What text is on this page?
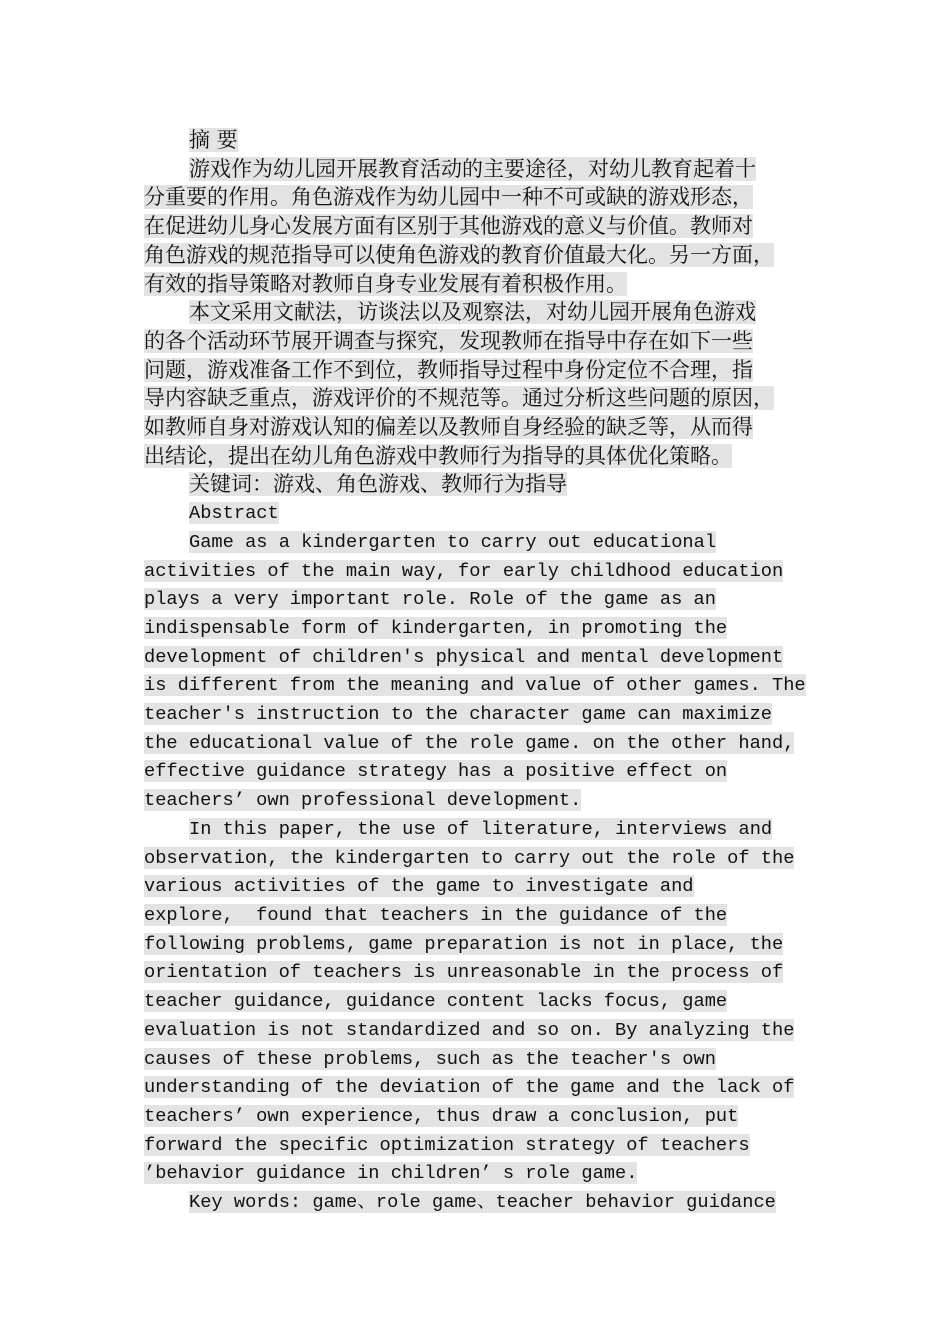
摘 要

游戏作为幼儿园开展教育活动的主要途径，对幼儿教育起着十
分重要的作用。角色游戏作为幼儿园中一种不可或缺的游戏形态，
在促进幼儿身心发展方面有区别于其他游戏的意义与价值。教师对
角色游戏的规范指导可以使角色游戏的教育价值最大化。另一方面，
有效的指导策略对教师自身专业发展有着积极作用。

本文采用文献法，访谈法以及观察法，对幼儿园开展角色游戏
的各个活动环节展开调查与探究，发现教师在指导中存在如下一些
问题，游戏准备工作不到位，教师指导过程中身份定位不合理，指
导内容缺乏重点，游戏评价的不规范等。通过分析这些问题的原因，
如教师自身对游戏认知的偏差以及教师自身经验的缺乏等，从而得
出结论，提出在幼儿角色游戏中教师行为指导的具体优化策略。

关键词：游戏、角色游戏、教师行为指导

Abstract

Game as a kindergarten to carry out educational
activities of the main way, for early childhood education
plays a very important role. Role of the game as an
indispensable form of kindergarten, in promoting the
development of children's physical and mental development
is different from the meaning and value of other games. The
teacher's instruction to the character game can maximize
the educational value of the role game. on the other hand,
effective guidance strategy has a positive effect on
teachers’ own professional development.

In this paper, the use of literature, interviews and
observation, the kindergarten to carry out the role of the
various activities of the game to investigate and
explore,  found that teachers in the guidance of the
following problems, game preparation is not in place, the
orientation of teachers is unreasonable in the process of
teacher guidance, guidance content lacks focus, game
evaluation is not standardized and so on. By analyzing the
causes of these problems, such as the teacher's own
understanding of the deviation of the game and the lack of
teachers’ own experience, thus draw a conclusion, put
forward the specific optimization strategy of teachers
’behavior guidance in children’ s role game.

Key words: game、role game、teacher behavior guidance
